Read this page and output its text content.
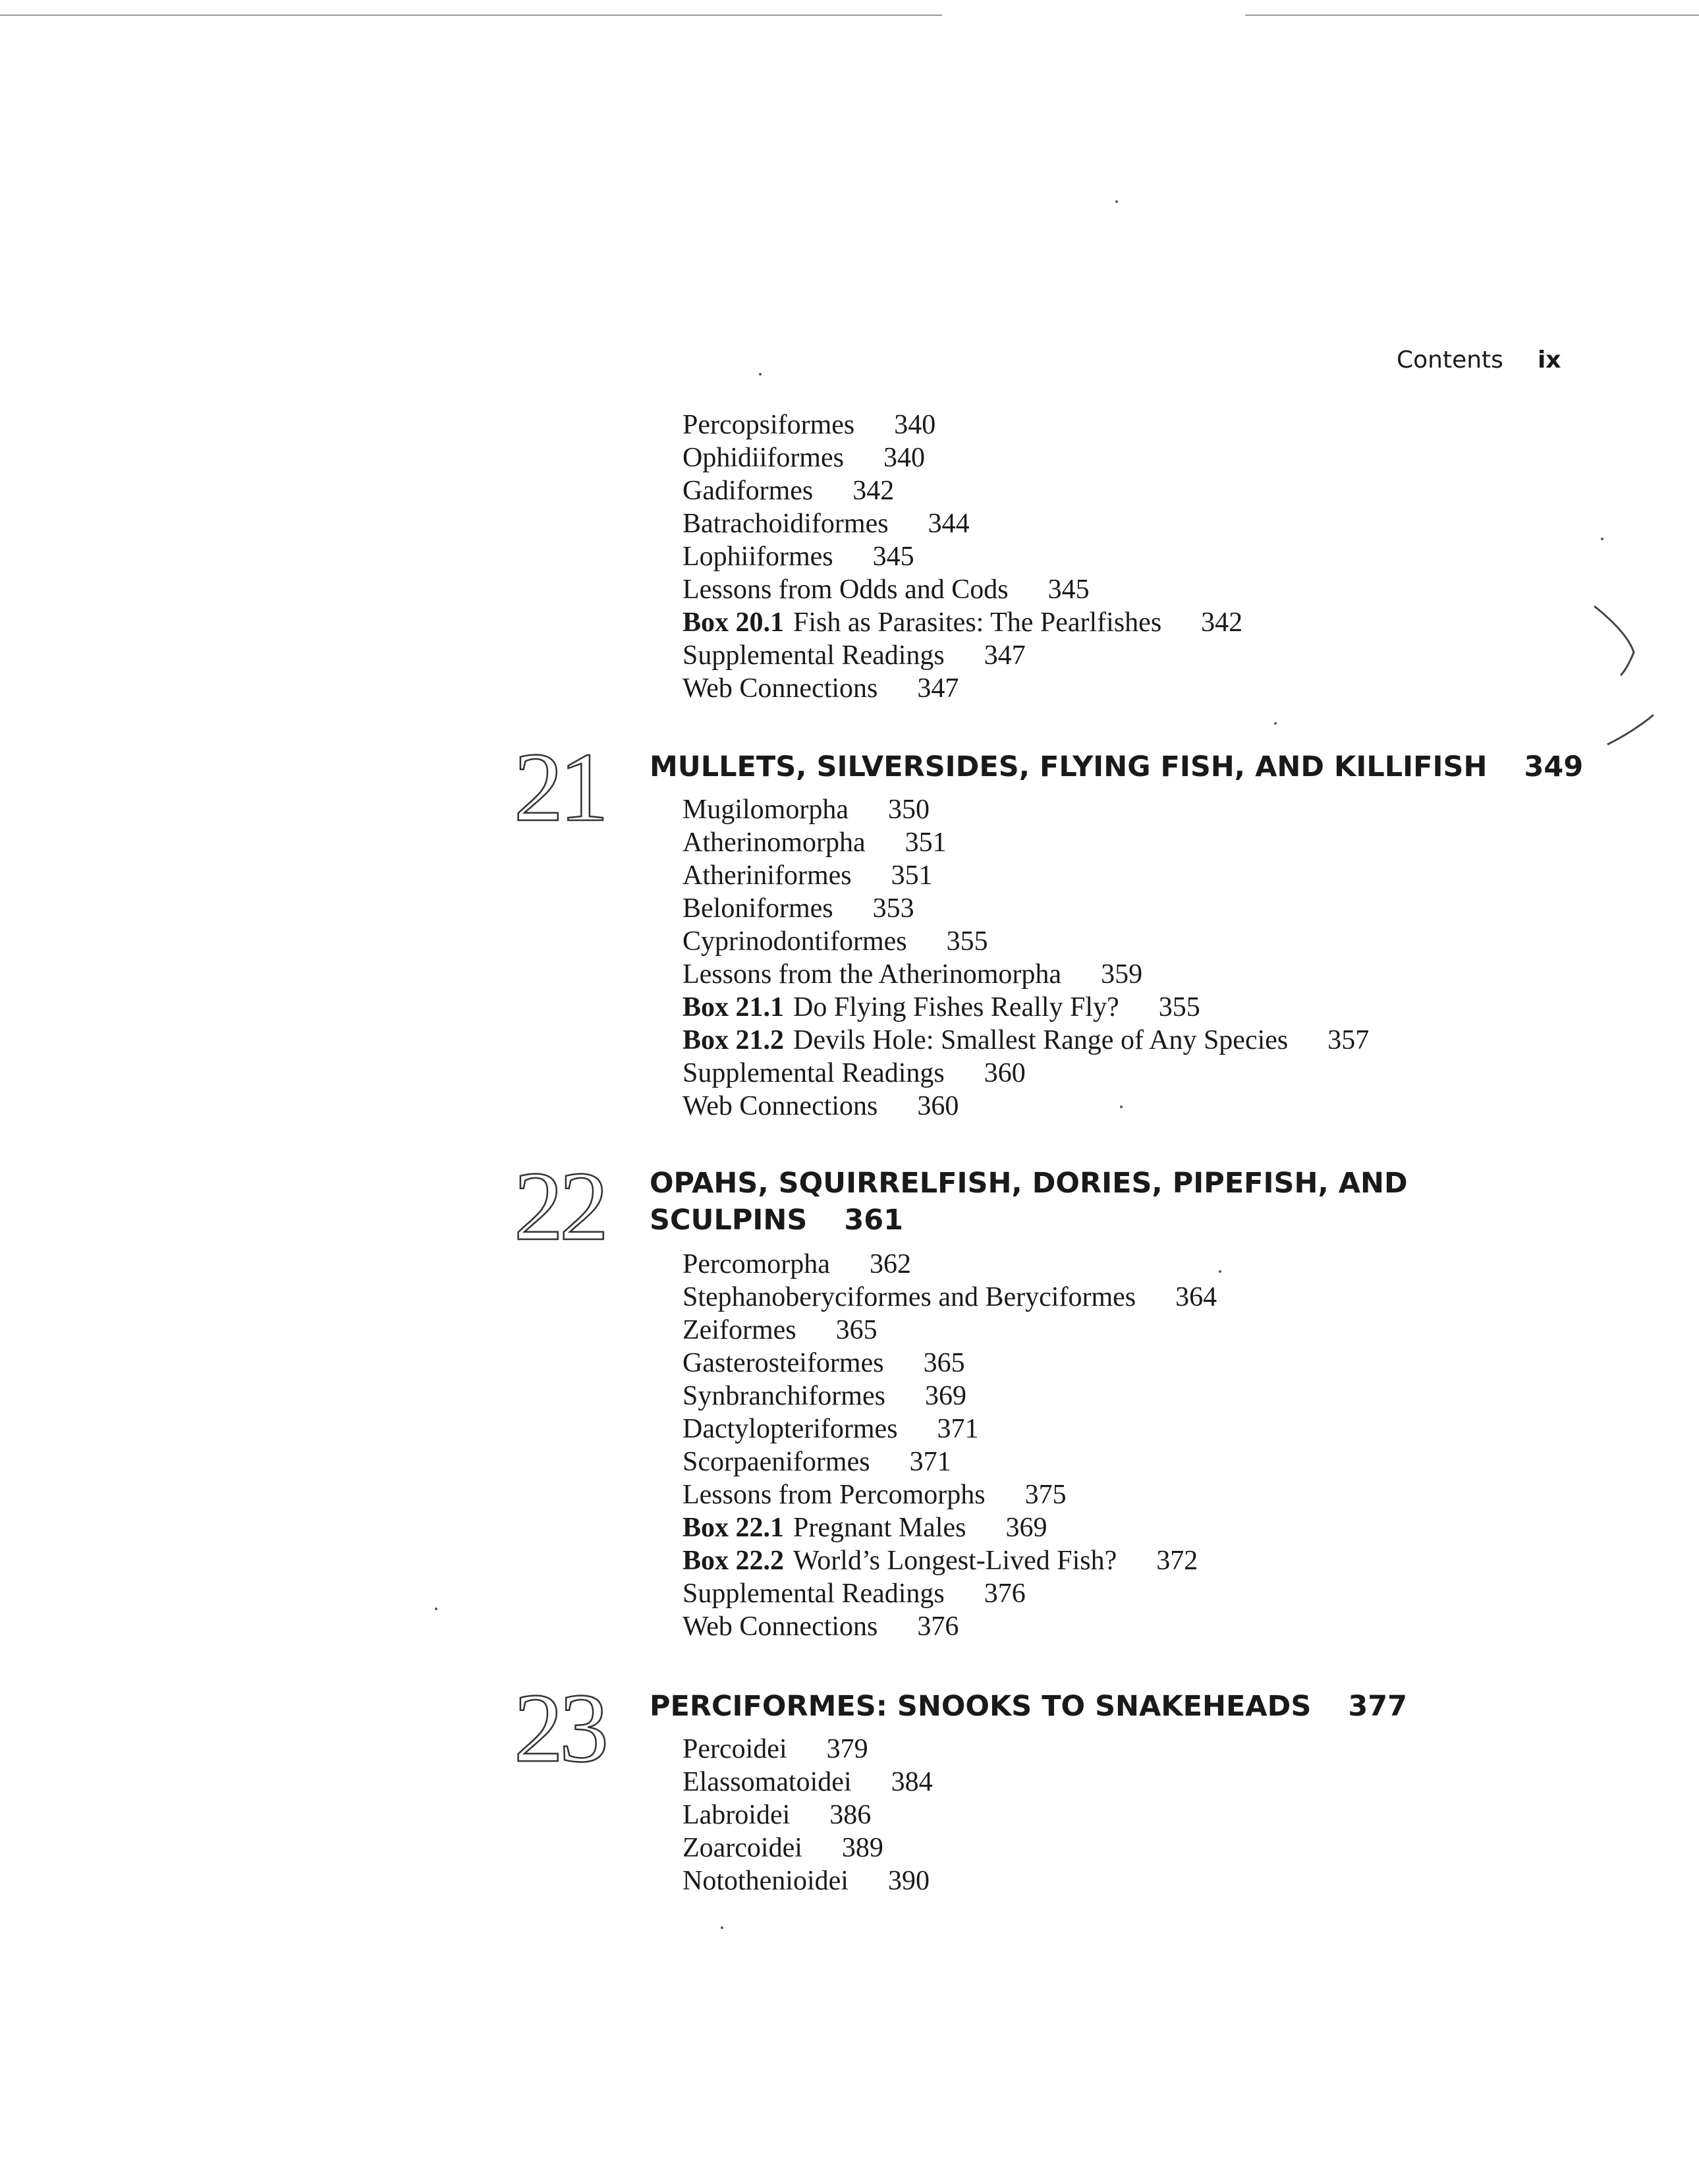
Contents ix
Percopsiformes 340
Ophidiiformes 340
Gadiformes 342
Batrachoidiformes 344
Lophiiformes 345
Lessons from Odds and Cods 345
Box 20.1 Fish as Parasites: The Pearlfishes 342
Supplemental Readings 347
Web Connections 347
21 MULLETS, SILVERSIDES, FLYING FISH, AND KILLIFISH 349
Mugilomorpha 350
Atherinomorpha 351
Atheriniformes 351
Beloniformes 353
Cyprinodontiformes 355
Lessons from the Atherinomorpha 359
Box 21.1 Do Flying Fishes Really Fly? 355
Box 21.2 Devils Hole: Smallest Range of Any Species 357
Supplemental Readings 360
Web Connections 360
22 OPAHS, SQUIRRELFISH, DORIES, PIPEFISH, AND
SCULPINS 361
Percomorpha 362
Stephanoberyciformes and Beryciformes 364
Zeiformes 365
Gasterosteiformes 365
Synbranchiformes 369
Dactylopteriformes 371
Scorpaeniformes 371
Lessons from Percomorphs 375
Box 22.1 Pregnant Males 369
Box 22.2 World’s Longest-Lived Fish? 372
Supplemental Readings 376
Web Connections 376
23 PERCIFORMES: SNOOKS TO SNAKEHEADS 377
Percoidei 379
Elassomatoidei 384
Labroidei 386
Zoarcoidei 389
Notothenioidei 390
